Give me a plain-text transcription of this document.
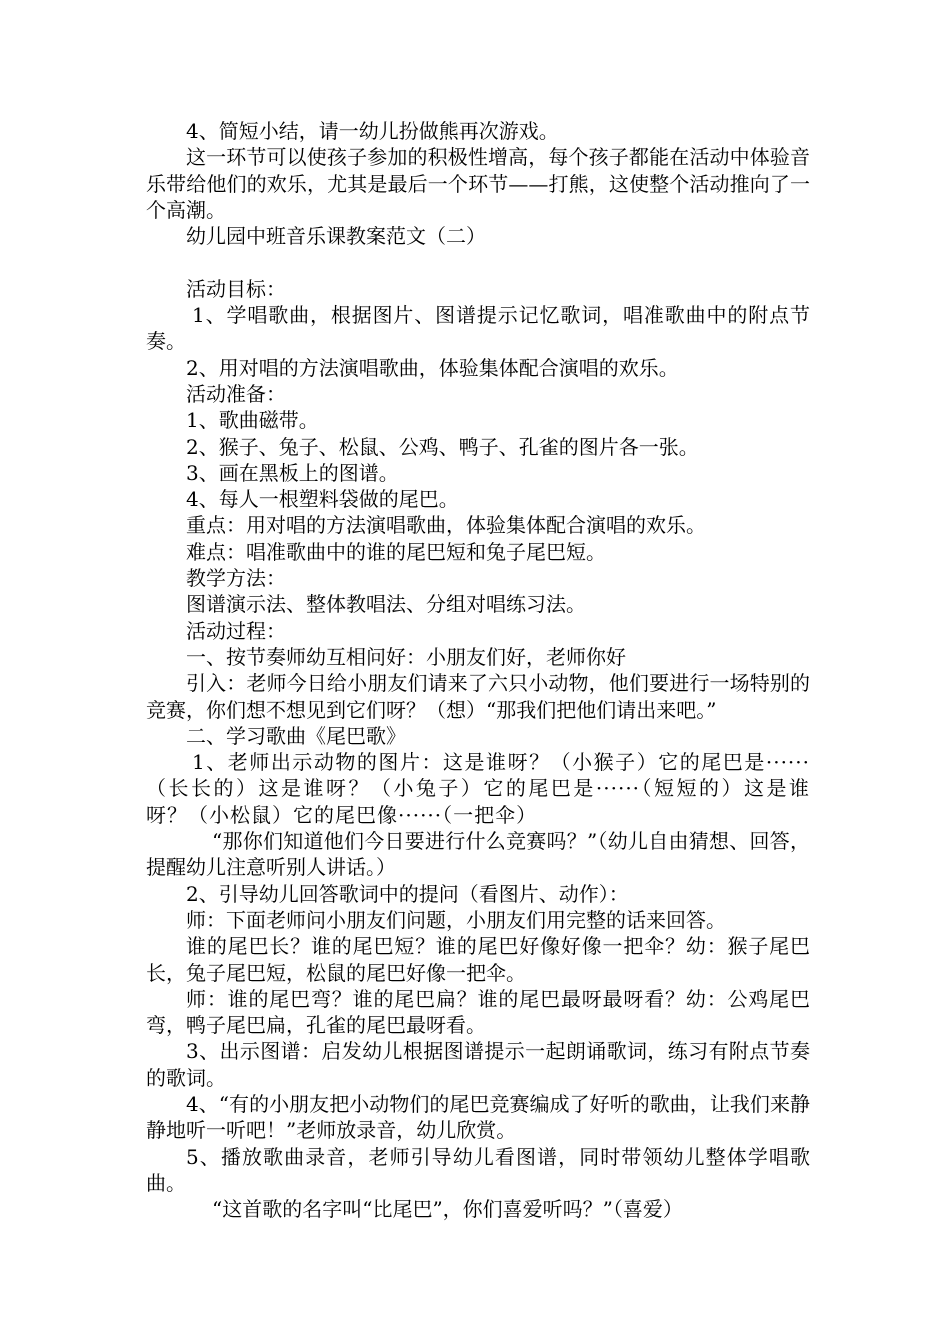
4、简短小结，请一幼儿扮做熊再次游戏。

这一环节可以使孩子参加的积极性增高，每个孩子都能在活动中体验音乐带给他们的欢乐，尤其是最后一个环节——打熊，这使整个活动推向了一个高潮。

幼儿园中班音乐课教案范文（二）

活动目标：

1、学唱歌曲，根据图片、图谱提示记忆歌词，唱准歌曲中的附点节奏。

2、用对唱的方法演唱歌曲，体验集体配合演唱的欢乐。

活动准备：

1、歌曲磁带。

2、猴子、兔子、松鼠、公鸡、鸭子、孔雀的图片各一张。

3、画在黑板上的图谱。

4、每人一根塑料袋做的尾巴。

重点：用对唱的方法演唱歌曲，体验集体配合演唱的欢乐。

难点：唱准歌曲中的谁的尾巴短和兔子尾巴短。

教学方法：

图谱演示法、整体教唱法、分组对唱练习法。

活动过程：

一、按节奏师幼互相问好：小朋友们好，老师你好

引入：老师今日给小朋友们请来了六只小动物，他们要进行一场特别的竞赛，你们想不想见到它们呀？（想）“那我们把他们请出来吧。”

二、学习歌曲《尾巴歌》

1、老师出示动物的图片：这是谁呀？（小猴子）它的尾巴是······（长长的）这是谁呀？（小兔子）它的尾巴是······（短短的）这是谁呀？（小松鼠）它的尾巴像······（一把伞）

“那你们知道他们今日要进行什么竞赛吗？”（幼儿自由猜想、回答，提醒幼儿注意听别人讲话。）

2、引导幼儿回答歌词中的提问（看图片、动作）：

师：下面老师问小朋友们问题，小朋友们用完整的话来回答。

谁的尾巴长？谁的尾巴短？谁的尾巴好像好像一把伞？幼：猴子尾巴长，兔子尾巴短，松鼠的尾巴好像一把伞。

师：谁的尾巴弯？谁的尾巴扁？谁的尾巴最呀最呀看？幼：公鸡尾巴弯，鸭子尾巴扁，孔雀的尾巴最呀看。

3、出示图谱：启发幼儿根据图谱提示一起朗诵歌词，练习有附点节奏的歌词。

4、“有的小朋友把小动物们的尾巴竞赛编成了好听的歌曲，让我们来静静地听一听吧！”老师放录音，幼儿欣赏。

5、播放歌曲录音，老师引导幼儿看图谱，同时带领幼儿整体学唱歌曲。

“这首歌的名字叫“比尾巴”，你们喜爱听吗？”（喜爱）
